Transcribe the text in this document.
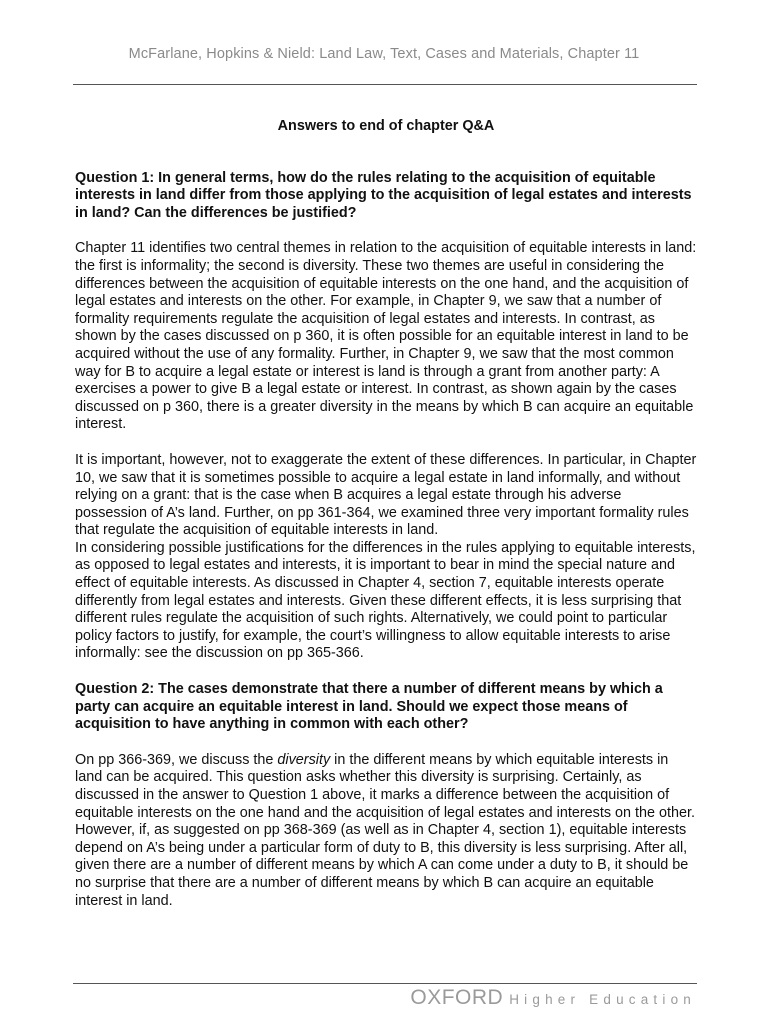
McFarlane, Hopkins & Nield: Land Law, Text, Cases and Materials, Chapter 11
Answers to end of chapter Q&A
Question 1: In general terms, how do the rules relating to the acquisition of equitable interests in land differ from those applying to the acquisition of legal estates and interests in land? Can the differences be justified?
Chapter 11 identifies two central themes in relation to the acquisition of equitable interests in land: the first is informality; the second is diversity. These two themes are useful in considering the differences between the acquisition of equitable interests on the one hand, and the acquisition of legal estates and interests on the other. For example, in Chapter 9, we saw that a number of formality requirements regulate the acquisition of legal estates and interests. In contrast, as shown by the cases discussed on p 360, it is often possible for an equitable interest in land to be acquired without the use of any formality. Further, in Chapter 9, we saw that the most common way for B to acquire a legal estate or interest is land is through a grant from another party: A exercises a power to give B a legal estate or interest. In contrast, as shown again by the cases discussed on p 360, there is a greater diversity in the means by which B can acquire an equitable interest.
It is important, however, not to exaggerate the extent of these differences. In particular, in Chapter 10, we saw that it is sometimes possible to acquire a legal estate in land informally, and without relying on a grant: that is the case when B acquires a legal estate through his adverse possession of A’s land. Further, on pp 361-364, we examined three very important formality rules that regulate the acquisition of equitable interests in land.
In considering possible justifications for the differences in the rules applying to equitable interests, as opposed to legal estates and interests, it is important to bear in mind the special nature and effect of equitable interests. As discussed in Chapter 4, section 7, equitable interests operate differently from legal estates and interests. Given these different effects, it is less surprising that different rules regulate the acquisition of such rights. Alternatively, we could point to particular policy factors to justify, for example, the court’s willingness to allow equitable interests to arise informally: see the discussion on pp 365-366.
Question 2: The cases demonstrate that there a number of different means by which a party can acquire an equitable interest in land. Should we expect those means of acquisition to have anything in common with each other?
On pp 366-369, we discuss the diversity in the different means by which equitable interests in land can be acquired. This question asks whether this diversity is surprising. Certainly, as discussed in the answer to Question 1 above, it marks a difference between the acquisition of equitable interests on the one hand and the acquisition of legal estates and interests on the other. However, if, as suggested on pp 368-369 (as well as in Chapter 4, section 1), equitable interests depend on A’s being under a particular form of duty to B, this diversity is less surprising. After all, given there are a number of different means by which A can come under a duty to B, it should be no surprise that there are a number of different means by which B can acquire an equitable interest in land.
OXFORD Higher Education
